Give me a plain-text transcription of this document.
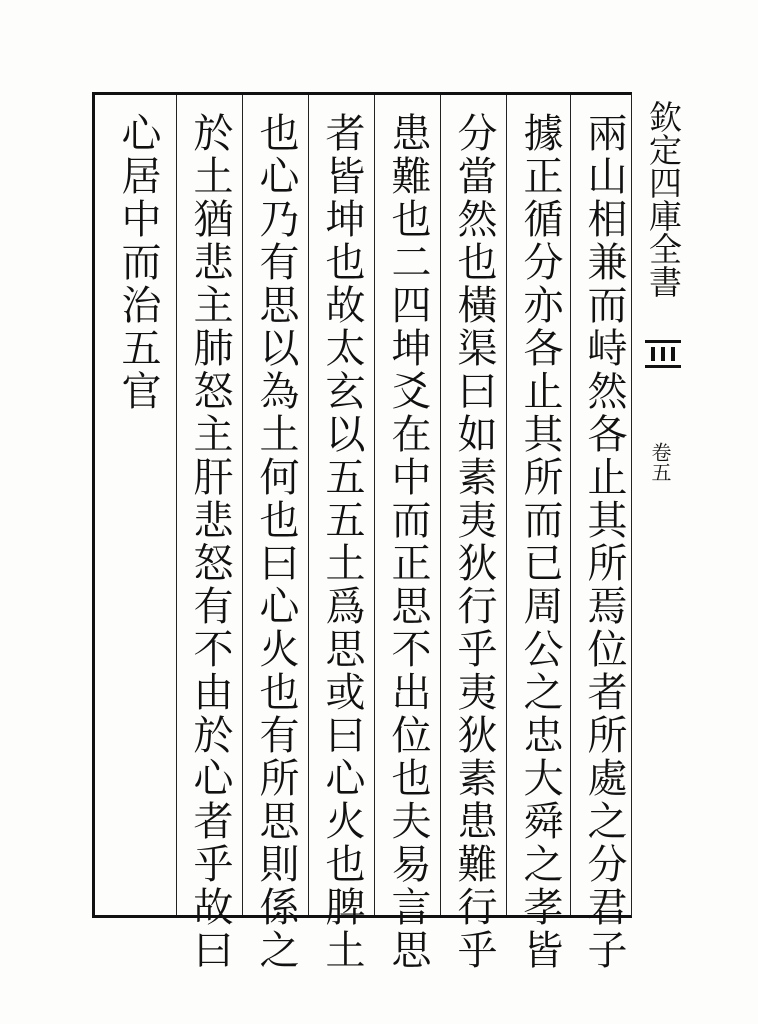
兩山相兼而峙然各止其所焉位者所處之分君子
據正循分亦各止其所而已周公之忠大舜之孝皆
分當然也橫渠曰如素夷狄行乎夷狄素患難行乎
患難也二四坤爻在中而正思不出位也夫易言思
者皆坤也故太玄以五五土爲思或曰心火也脾土
也心乃有思以為土何也曰心火也有所思則係之
於土猶悲主肺怒主肝悲怒有不由於心者乎故曰
心居中而治五官	欽定四庫全書
卷五
